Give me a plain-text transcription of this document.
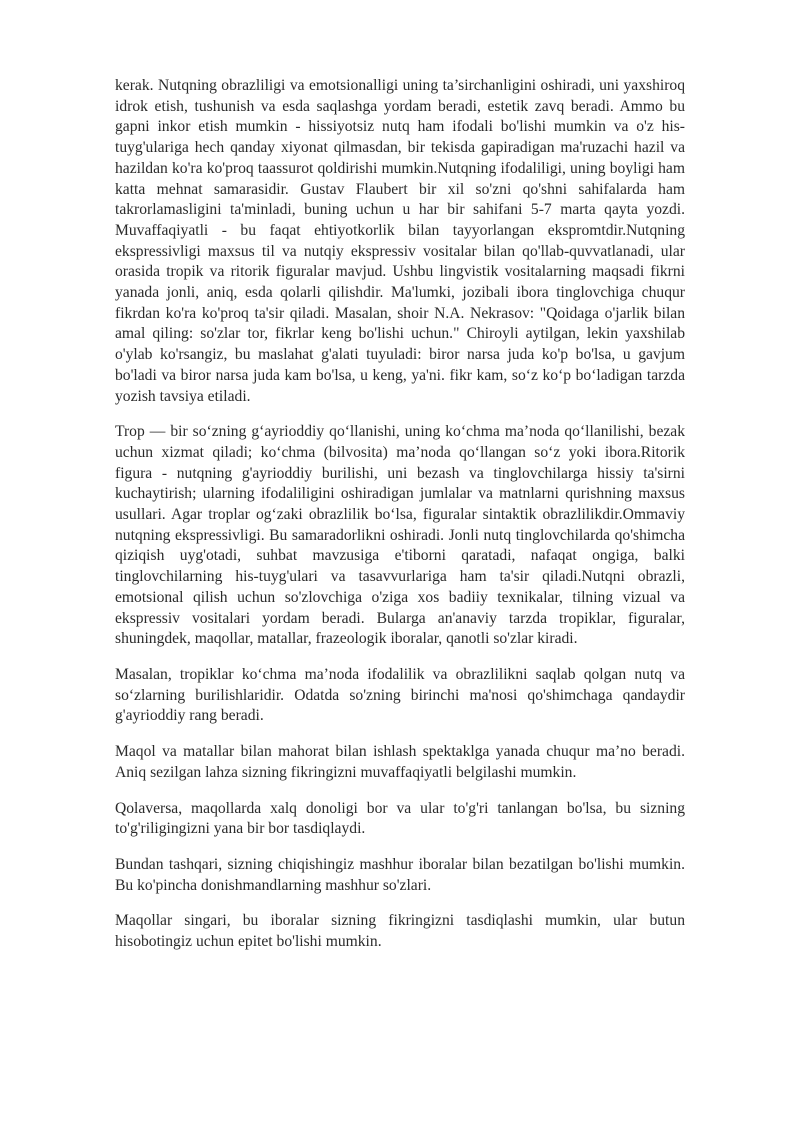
kerak. Nutqning obrazliligi va emotsionalligi uning ta’sirchanligini oshiradi, uni yaxshiroq idrok etish, tushunish va esda saqlashga yordam beradi, estetik zavq beradi. Ammo bu gapni inkor etish mumkin - hissiyotsiz nutq ham ifodali bo'lishi mumkin va o'z his-tuyg'ulariga hech qanday xiyonat qilmasdan, bir tekisda gapiradigan ma'ruzachi hazil va hazildan ko'ra ko'proq taassurot qoldirishi mumkin.Nutqning ifodaliligi, uning boyligi ham katta mehnat samarasidir. Gustav Flaubert bir xil so'zni qo'shni sahifalarda ham takrorlamasligini ta'minladi, buning uchun u har bir sahifani 5-7 marta qayta yozdi. Muvaffaqiyatli - bu faqat ehtiyotkorlik bilan tayyorlangan ekspromtdir.Nutqning ekspressivligi maxsus til va nutqiy ekspressiv vositalar bilan qo'llab-quvvatlanadi, ular orasida tropik va ritorik figuralar mavjud. Ushbu lingvistik vositalarning maqsadi fikrni yanada jonli, aniq, esda qolarli qilishdir. Ma'lumki, jozibali ibora tinglovchiga chuqur fikrdan ko'ra ko'proq ta'sir qiladi. Masalan, shoir N.A. Nekrasov: "Qoidaga o'jarlik bilan amal qiling: so'zlar tor, fikrlar keng bo'lishi uchun." Chiroyli aytilgan, lekin yaxshilab o'ylab ko'rsangiz, bu maslahat g'alati tuyuladi: biror narsa juda ko'p bo'lsa, u gavjum bo'ladi va biror narsa juda kam bo'lsa, u keng, ya'ni. fikr kam, so‘z ko‘p bo‘ladigan tarzda yozish tavsiya etiladi.

Trop — bir so‘zning g‘ayrioddiy qo‘llanishi, uning ko‘chma ma’noda qo‘llanilishi, bezak uchun xizmat qiladi; ko‘chma (bilvosita) ma’noda qo‘llangan so‘z yoki ibora.Ritorik figura - nutqning g'ayrioddiy burilishi, uni bezash va tinglovchilarga hissiy ta'sirni kuchaytirish; ularning ifodaliligini oshiradigan jumlalar va matnlarni qurishning maxsus usullari. Agar troplar og‘zaki obrazlilik bo‘lsa, figuralar sintaktik obrazlilikdir.Ommaviy nutqning ekspressivligi. Bu samaradorlikni oshiradi. Jonli nutq tinglovchilarda qo'shimcha qiziqish uyg'otadi, suhbat mavzusiga e'tiborni qaratadi, nafaqat ongiga, balki tinglovchilarning his-tuyg'ulari va tasavvurlariga ham ta'sir qiladi.Nutqni obrazli, emotsional qilish uchun so'zlovchiga o'ziga xos badiiy texnikalar, tilning vizual va ekspressiv vositalari yordam beradi. Bularga an'anaviy tarzda tropiklar, figuralar, shuningdek, maqollar, matallar, frazeologik iboralar, qanotli so'zlar kiradi.

Masalan, tropiklar ko‘chma ma’noda ifodalilik va obrazlilikni saqlab qolgan nutq va so‘zlarning burilishlaridir. Odatda so'zning birinchi ma'nosi qo'shimchaga qandaydir g'ayrioddiy rang beradi.

Maqol va matallar bilan mahorat bilan ishlash spektaklga yanada chuqur ma’no beradi. Aniq sezilgan lahza sizning fikringizni muvaffaqiyatli belgilashi mumkin.

Qolaversa, maqollarda xalq donoligi bor va ular to'g'ri tanlangan bo'lsa, bu sizning to'g'riligingizni yana bir bor tasdiqlaydi.

Bundan tashqari, sizning chiqishingiz mashhur iboralar bilan bezatilgan bo'lishi mumkin. Bu ko'pincha donishmandlarning mashhur so'zlari.

Maqollar singari, bu iboralar sizning fikringizni tasdiqlashi mumkin, ular butun hisobotingiz uchun epitet bo'lishi mumkin.
